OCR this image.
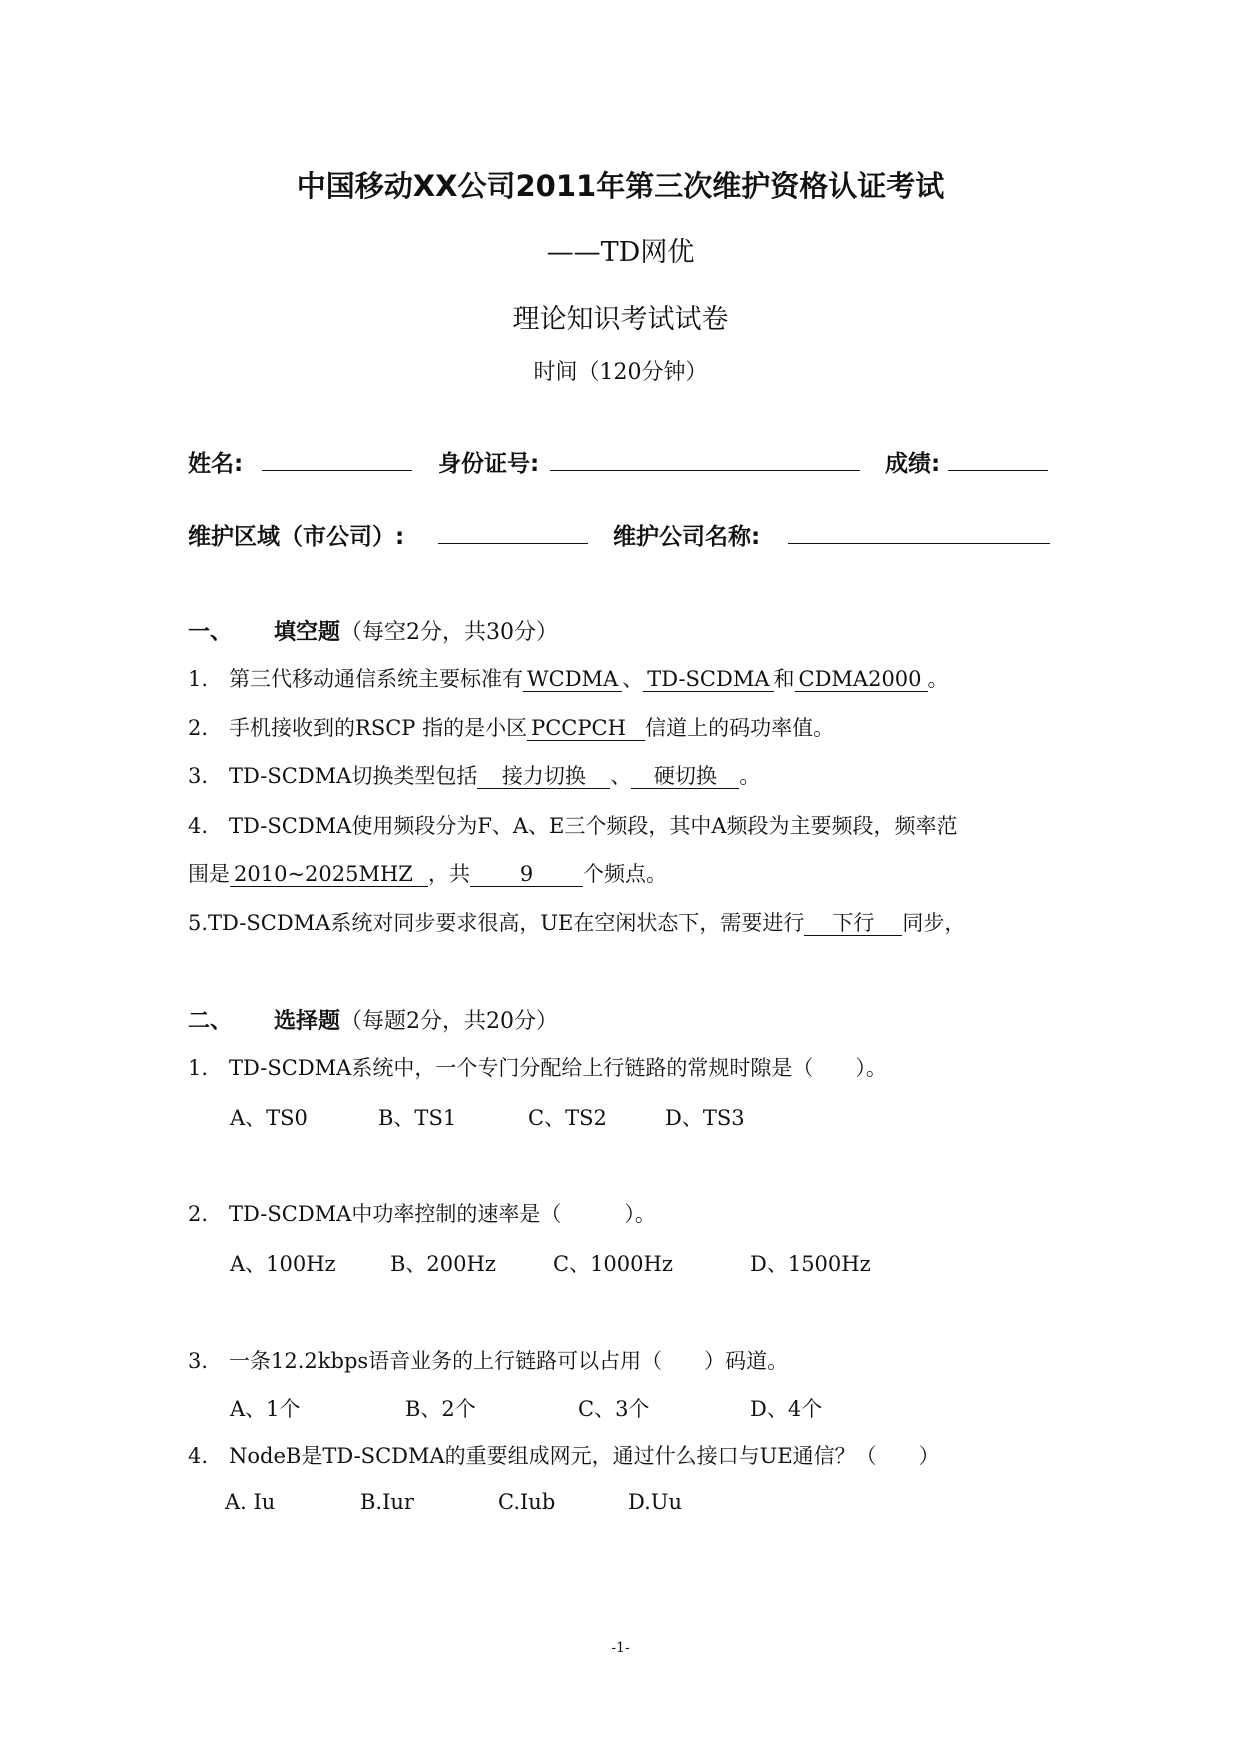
中国移动XX公司2011年第三次维护资格认证考试
——TD网优
理论知识考试试卷
时间（120分钟）
姓名:	身份证号:	成绩:
维护区域（市公司）:	维护公司名称:
一、 填空题（每空2分，共30分）
1.　第三代移动通信系统主要标准有 WCDMA 、 TD-SCDMA 和 CDMA2000 。
2.　手机接收到的RSCP 指的是小区 PCCPCH 信道上的码功率值。
3.　TD-SCDMA切换类型包括 接力切换 、 硬切换 。
4.　TD-SCDMA使用频段分为F、A、E三个频段，其中A频段为主要频段，频率范
围是 2010~2025MHZ ，共 9 个频点。
5.TD-SCDMA系统对同步要求很高，UE在空闲状态下，需要进行 下行 同步，
二、 选择题（每题2分，共20分）
1.　TD-SCDMA系统中，一个专门分配给上行链路的常规时隙是（　　）。
A、TS0	B、TS1	C、TS2	D、TS3
2.　TD-SCDMA中功率控制的速率是（　　　）。
A、100Hz	B、200Hz	C、1000Hz	D、1500Hz
3.　一条12.2kbps语音业务的上行链路可以占用（　　）码道。
A、1个	B、2个	C、3个	D、4个
4.　NodeB是TD-SCDMA的重要组成网元，通过什么接口与UE通信？（　　）
A. Iu	B.Iur	C.Iub	D.Uu
-1-
